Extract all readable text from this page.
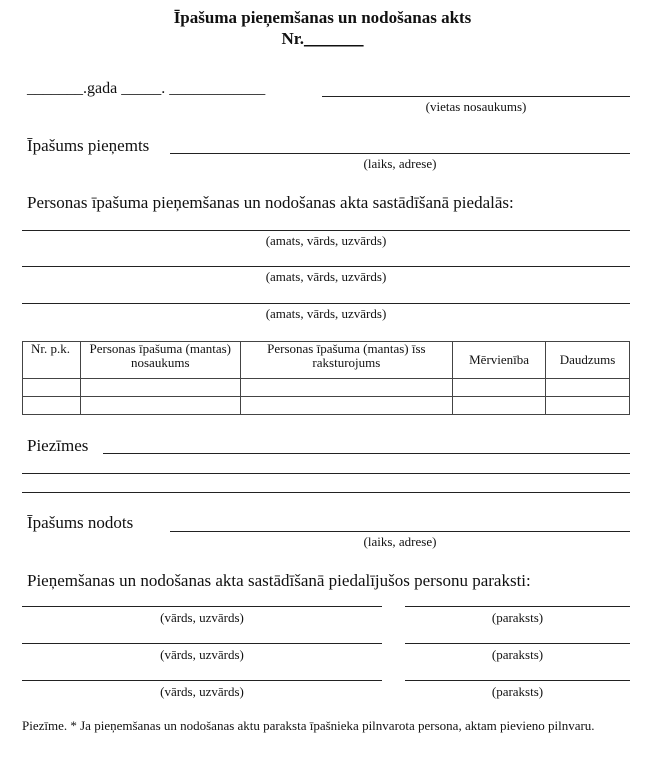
Īpašuma pieņemšanas un nodošanas akts
Nr._______
_______.gada _____. ____________
(vietas nosaukums)
Īpašums pieņemts
(laiks, adrese)
Personas īpašuma pieņemšanas un nodošanas akta sastādīšanā piedalās:
(amats, vārds, uzvārds)
(amats, vārds, uzvārds)
(amats, vārds, uzvārds)
Nr. p.k.	Personas īpašuma (mantas) nosaukums	Personas īpašuma (mantas) īss raksturojums	Mērvienība	Daudzums

Piezīmes
Īpašums nodots
(laiks, adrese)
Pieņemšanas un nodošanas akta sastādīšanā piedalījušos personu paraksti:
(vārds, uzvārds)	(paraksts)
(vārds, uzvārds)	(paraksts)
(vārds, uzvārds)	(paraksts)
Piezīme. * Ja pieņemšanas un nodošanas aktu paraksta īpašnieka pilnvarota persona, aktam pievieno pilnvaru.
